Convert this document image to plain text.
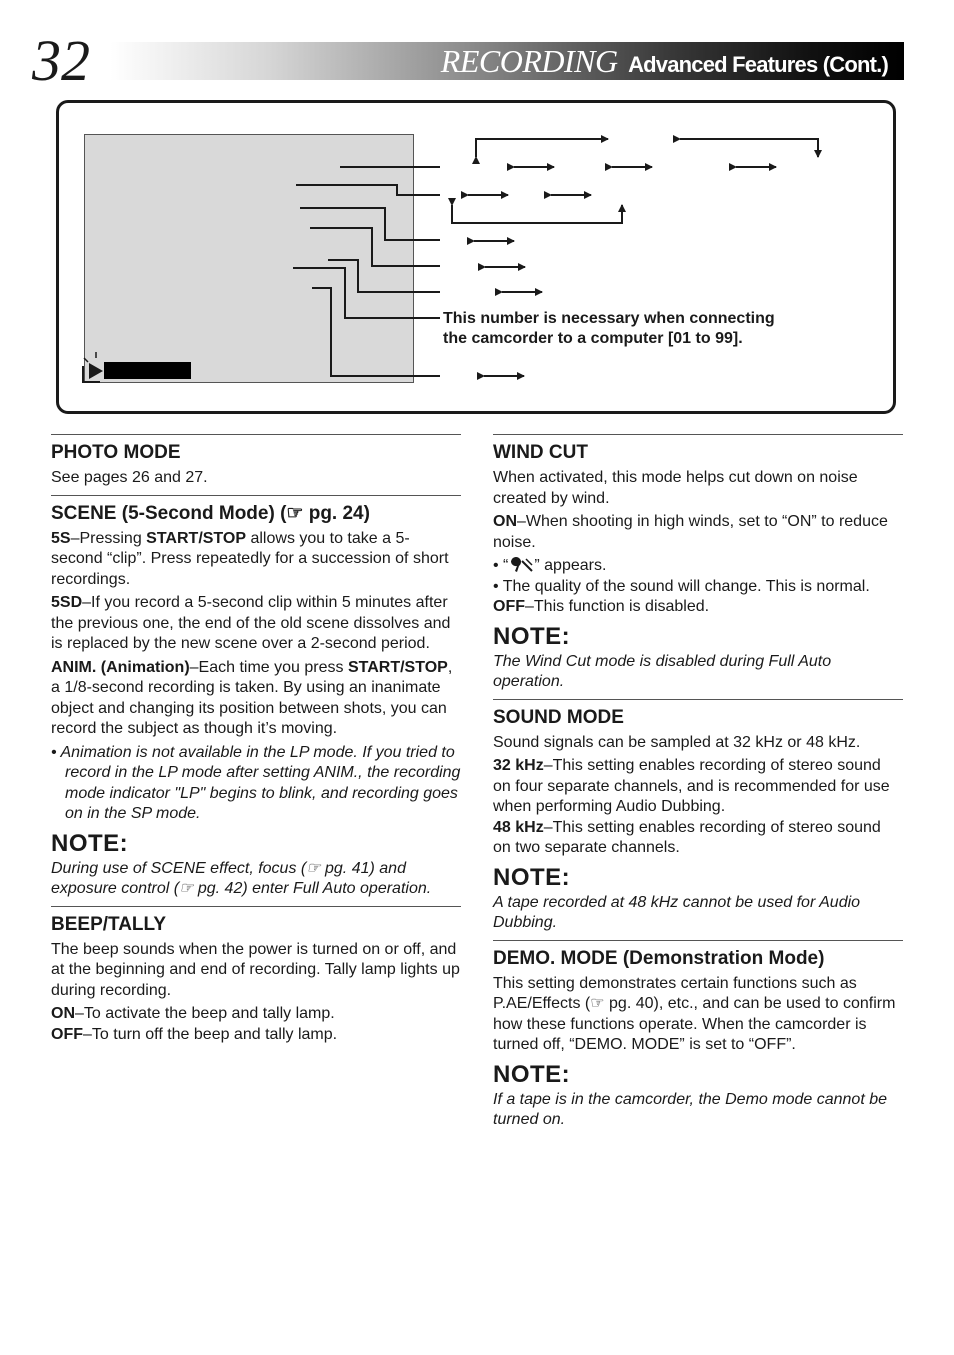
32	RECORDING Advanced Features (Cont.)
This number is necessary when connecting
the camcorder to a computer [01 to 99].
PHOTO MODE

See pages 26 and 27.

SCENE (5-Second Mode) (☞ pg. 24)

5S–Pressing START/STOP allows you to take a 5-second “clip”. Press repeatedly for a succession of short recordings.

5SD–If you record a 5-second clip within 5 minutes after the previous one, the end of the old scene dissolves and is replaced by the new scene over a 2-second period.

ANIM. (Animation)–Each time you press START/STOP, a 1/8-second recording is taken. By using an inanimate object and changing its position between shots, you can record the subject as though it’s moving.

• Animation is not available in the LP mode. If you tried to record in the LP mode after setting ANIM., the recording mode indicator "LP" begins to blink, and recording goes on in the SP mode.

NOTE:

During use of SCENE effect, focus (☞ pg. 41) and exposure control (☞ pg. 42) enter Full Auto operation.

BEEP/TALLY

The beep sounds when the power is turned on or off, and at the beginning and end of recording. Tally lamp lights up during recording.

ON–To activate the beep and tally lamp.

OFF–To turn off the beep and tally lamp.

WIND CUT

When activated, this mode helps cut down on noise created by wind.

ON–When shooting in high winds, set to “ON” to reduce noise.

• “ ” appears.

• The quality of the sound will change. This is normal.

OFF–This function is disabled.

NOTE:

The Wind Cut mode is disabled during Full Auto operation.

SOUND MODE

Sound signals can be sampled at 32 kHz or 48 kHz.

32 kHz–This setting enables recording of stereo sound on four separate channels, and is recommended for use when performing Audio Dubbing.

48 kHz–This setting enables recording of stereo sound on two separate channels.

NOTE:

A tape recorded at 48 kHz cannot be used for Audio Dubbing.

DEMO. MODE (Demonstration Mode)

This setting demonstrates certain functions such as P.AE/Effects (☞ pg. 40), etc., and can be used to confirm how these functions operate. When the camcorder is turned off, “DEMO. MODE” is set to “OFF”.

NOTE:

If a tape is in the camcorder, the Demo mode cannot be turned on.
